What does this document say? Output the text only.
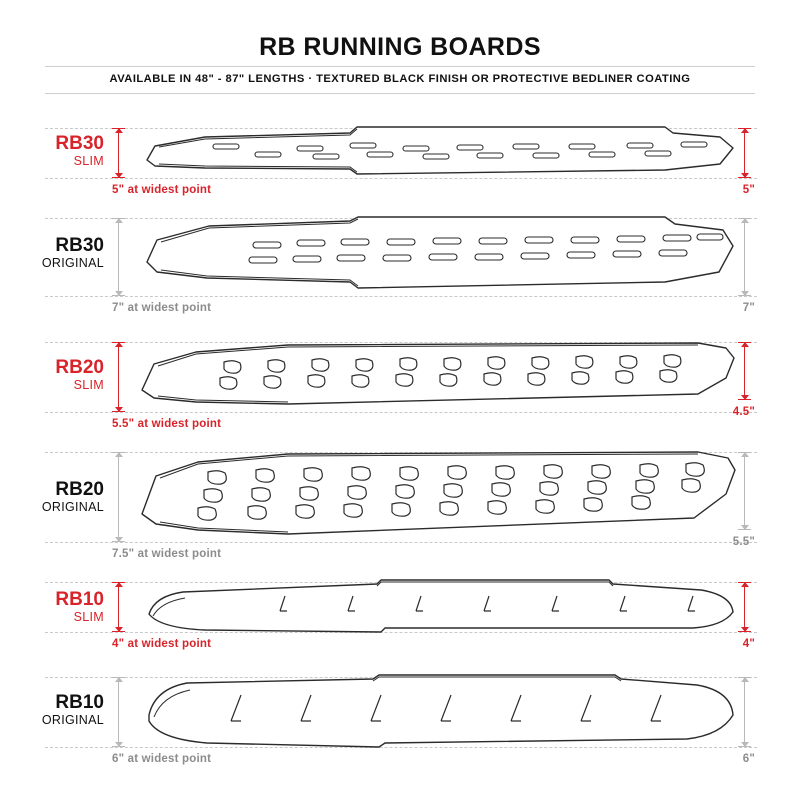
RB RUNNING BOARDS
AVAILABLE IN 48" - 87" LENGTHS · TEXTURED BLACK FINISH OR PROTECTIVE BEDLINER COATING
RB30
SLIM
5" at widest point	5"
RB30
ORIGINAL
7" at widest point	7"
RB20
SLIM
5.5" at widest point
4.5"
RB20
ORIGINAL
7.5" at widest point
5.5"
RB10
SLIM
4" at widest point	4"
RB10
ORIGINAL
6" at widest point	6"
